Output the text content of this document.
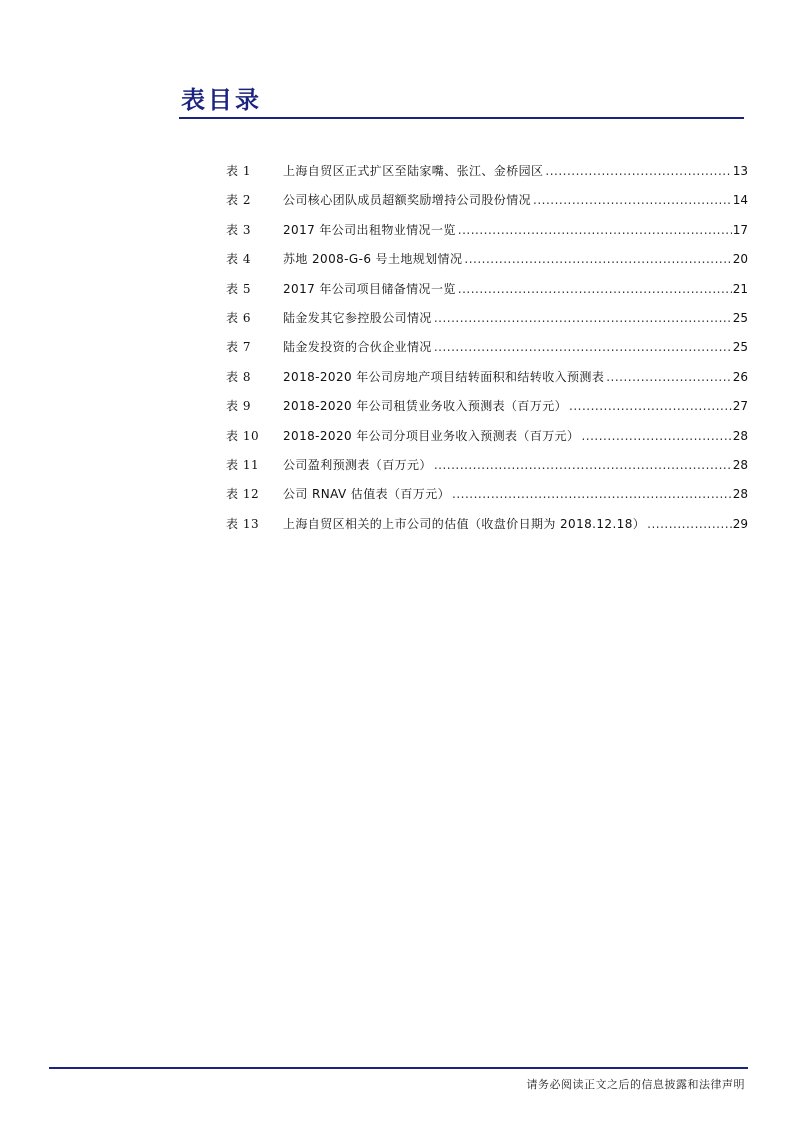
表目录
表 1	上海自贸区正式扩区至陆家嘴、张江、金桥园区 .....	13
表 2	公司核心团队成员超额奖励增持公司股份情况 .....	14
表 3	2017 年公司出租物业情况一览 .....	17
表 4	苏地 2008-G-6 号土地规划情况 .....	20
表 5	2017 年公司项目储备情况一览 .....	21
表 6	陆金发其它参控股公司情况 .....	25
表 7	陆金发投资的合伙企业情况 .....	25
表 8	2018-2020 年公司房地产项目结转面积和结转收入预测表 .....	26
表 9	2018-2020 年公司租赁业务收入预测表（百万元） .....	27
表 10	2018-2020 年公司分项目业务收入预测表（百万元） .....	28
表 11	公司盈利预测表（百万元） .....	28
表 12	公司 RNAV 估值表（百万元） .....	28
表 13	上海自贸区相关的上市公司的估值（收盘价日期为 2018.12.18） .....	29
请务必阅读正文之后的信息披露和法律声明
